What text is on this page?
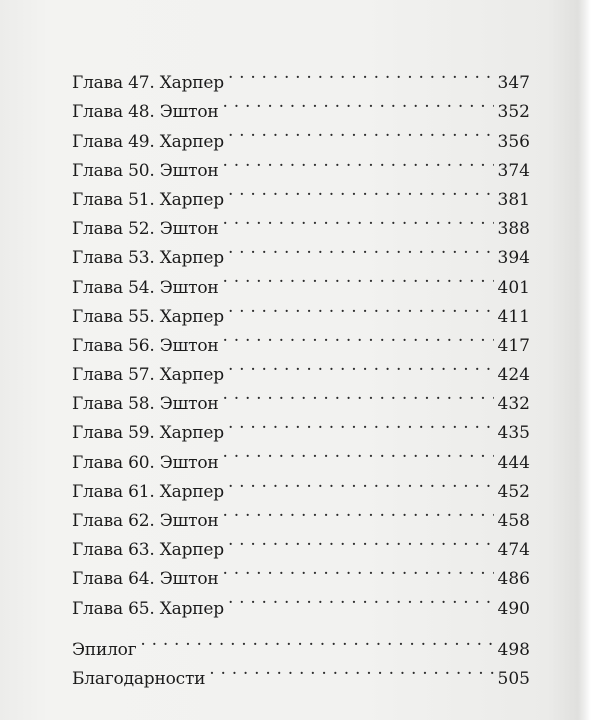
Глава 47. Харпер . . .	347
Глава 48. Эштон . . .	352
Глава 49. Харпер . . .	356
Глава 50. Эштон . . .	374
Глава 51. Харпер . . .	381
Глава 52. Эштон . . .	388
Глава 53. Харпер . . .	394
Глава 54. Эштон . . .	401
Глава 55. Харпер . . .	411
Глава 56. Эштон . . .	417
Глава 57. Харпер . . .	424
Глава 58. Эштон . . .	432
Глава 59. Харпер . . .	435
Глава 60. Эштон . . .	444
Глава 61. Харпер . . .	452
Глава 62. Эштон . . .	458
Глава 63. Харпер . . .	474
Глава 64. Эштон . . .	486
Глава 65. Харпер . . .	490
Эпилог . . .	498
Благодарности . . .	505
